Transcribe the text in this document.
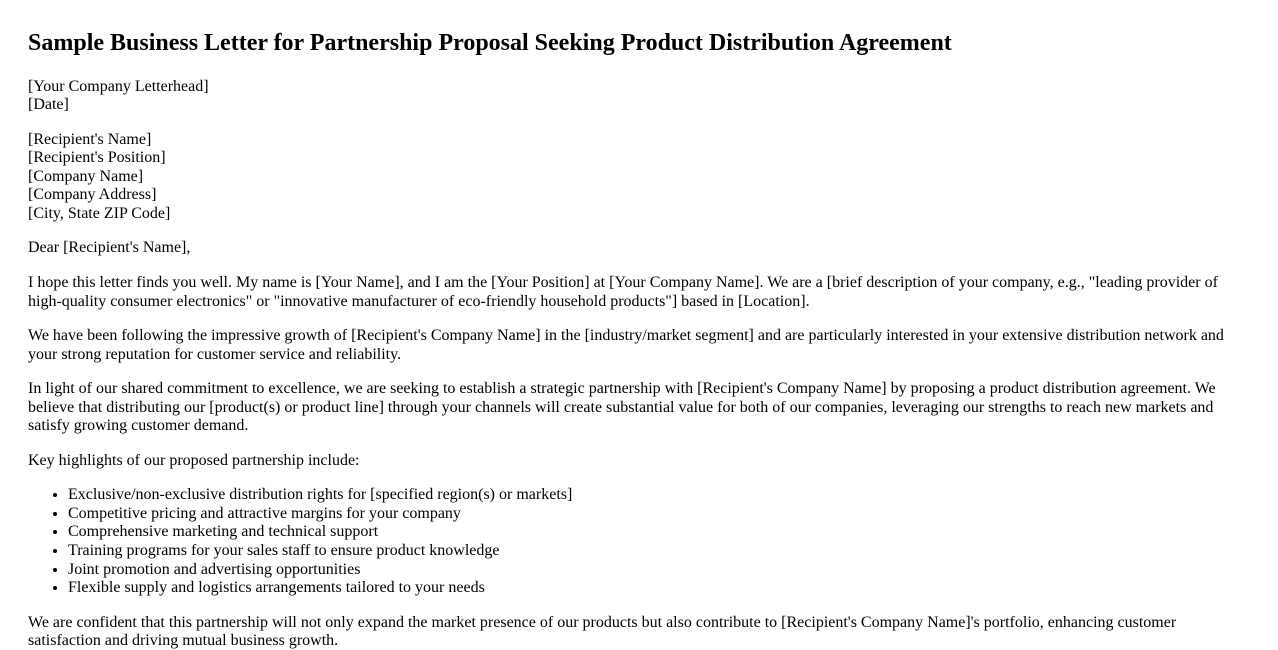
Sample Business Letter for Partnership Proposal Seeking Product Distribution Agreement

[Your Company Letterhead]
[Date]

[Recipient's Name]
[Recipient's Position]
[Company Name]
[Company Address]
[City, State ZIP Code]

Dear [Recipient's Name],

I hope this letter finds you well. My name is [Your Name], and I am the [Your Position] at [Your Company Name]. We are a [brief description of your company, e.g., "leading provider of high-quality consumer electronics" or "innovative manufacturer of eco-friendly household products"] based in [Location].

We have been following the impressive growth of [Recipient's Company Name] in the [industry/market segment] and are particularly interested in your extensive distribution network and your strong reputation for customer service and reliability.

In light of our shared commitment to excellence, we are seeking to establish a strategic partnership with [Recipient's Company Name] by proposing a product distribution agreement. We believe that distributing our [product(s) or product line] through your channels will create substantial value for both of our companies, leveraging our strengths to reach new markets and satisfy growing customer demand.

Key highlights of our proposed partnership include:

• Exclusive/non-exclusive distribution rights for [specified region(s) or markets]
• Competitive pricing and attractive margins for your company
• Comprehensive marketing and technical support
• Training programs for your sales staff to ensure product knowledge
• Joint promotion and advertising opportunities
• Flexible supply and logistics arrangements tailored to your needs

We are confident that this partnership will not only expand the market presence of our products but also contribute to [Recipient's Company Name]'s portfolio, enhancing customer satisfaction and driving mutual business growth.
